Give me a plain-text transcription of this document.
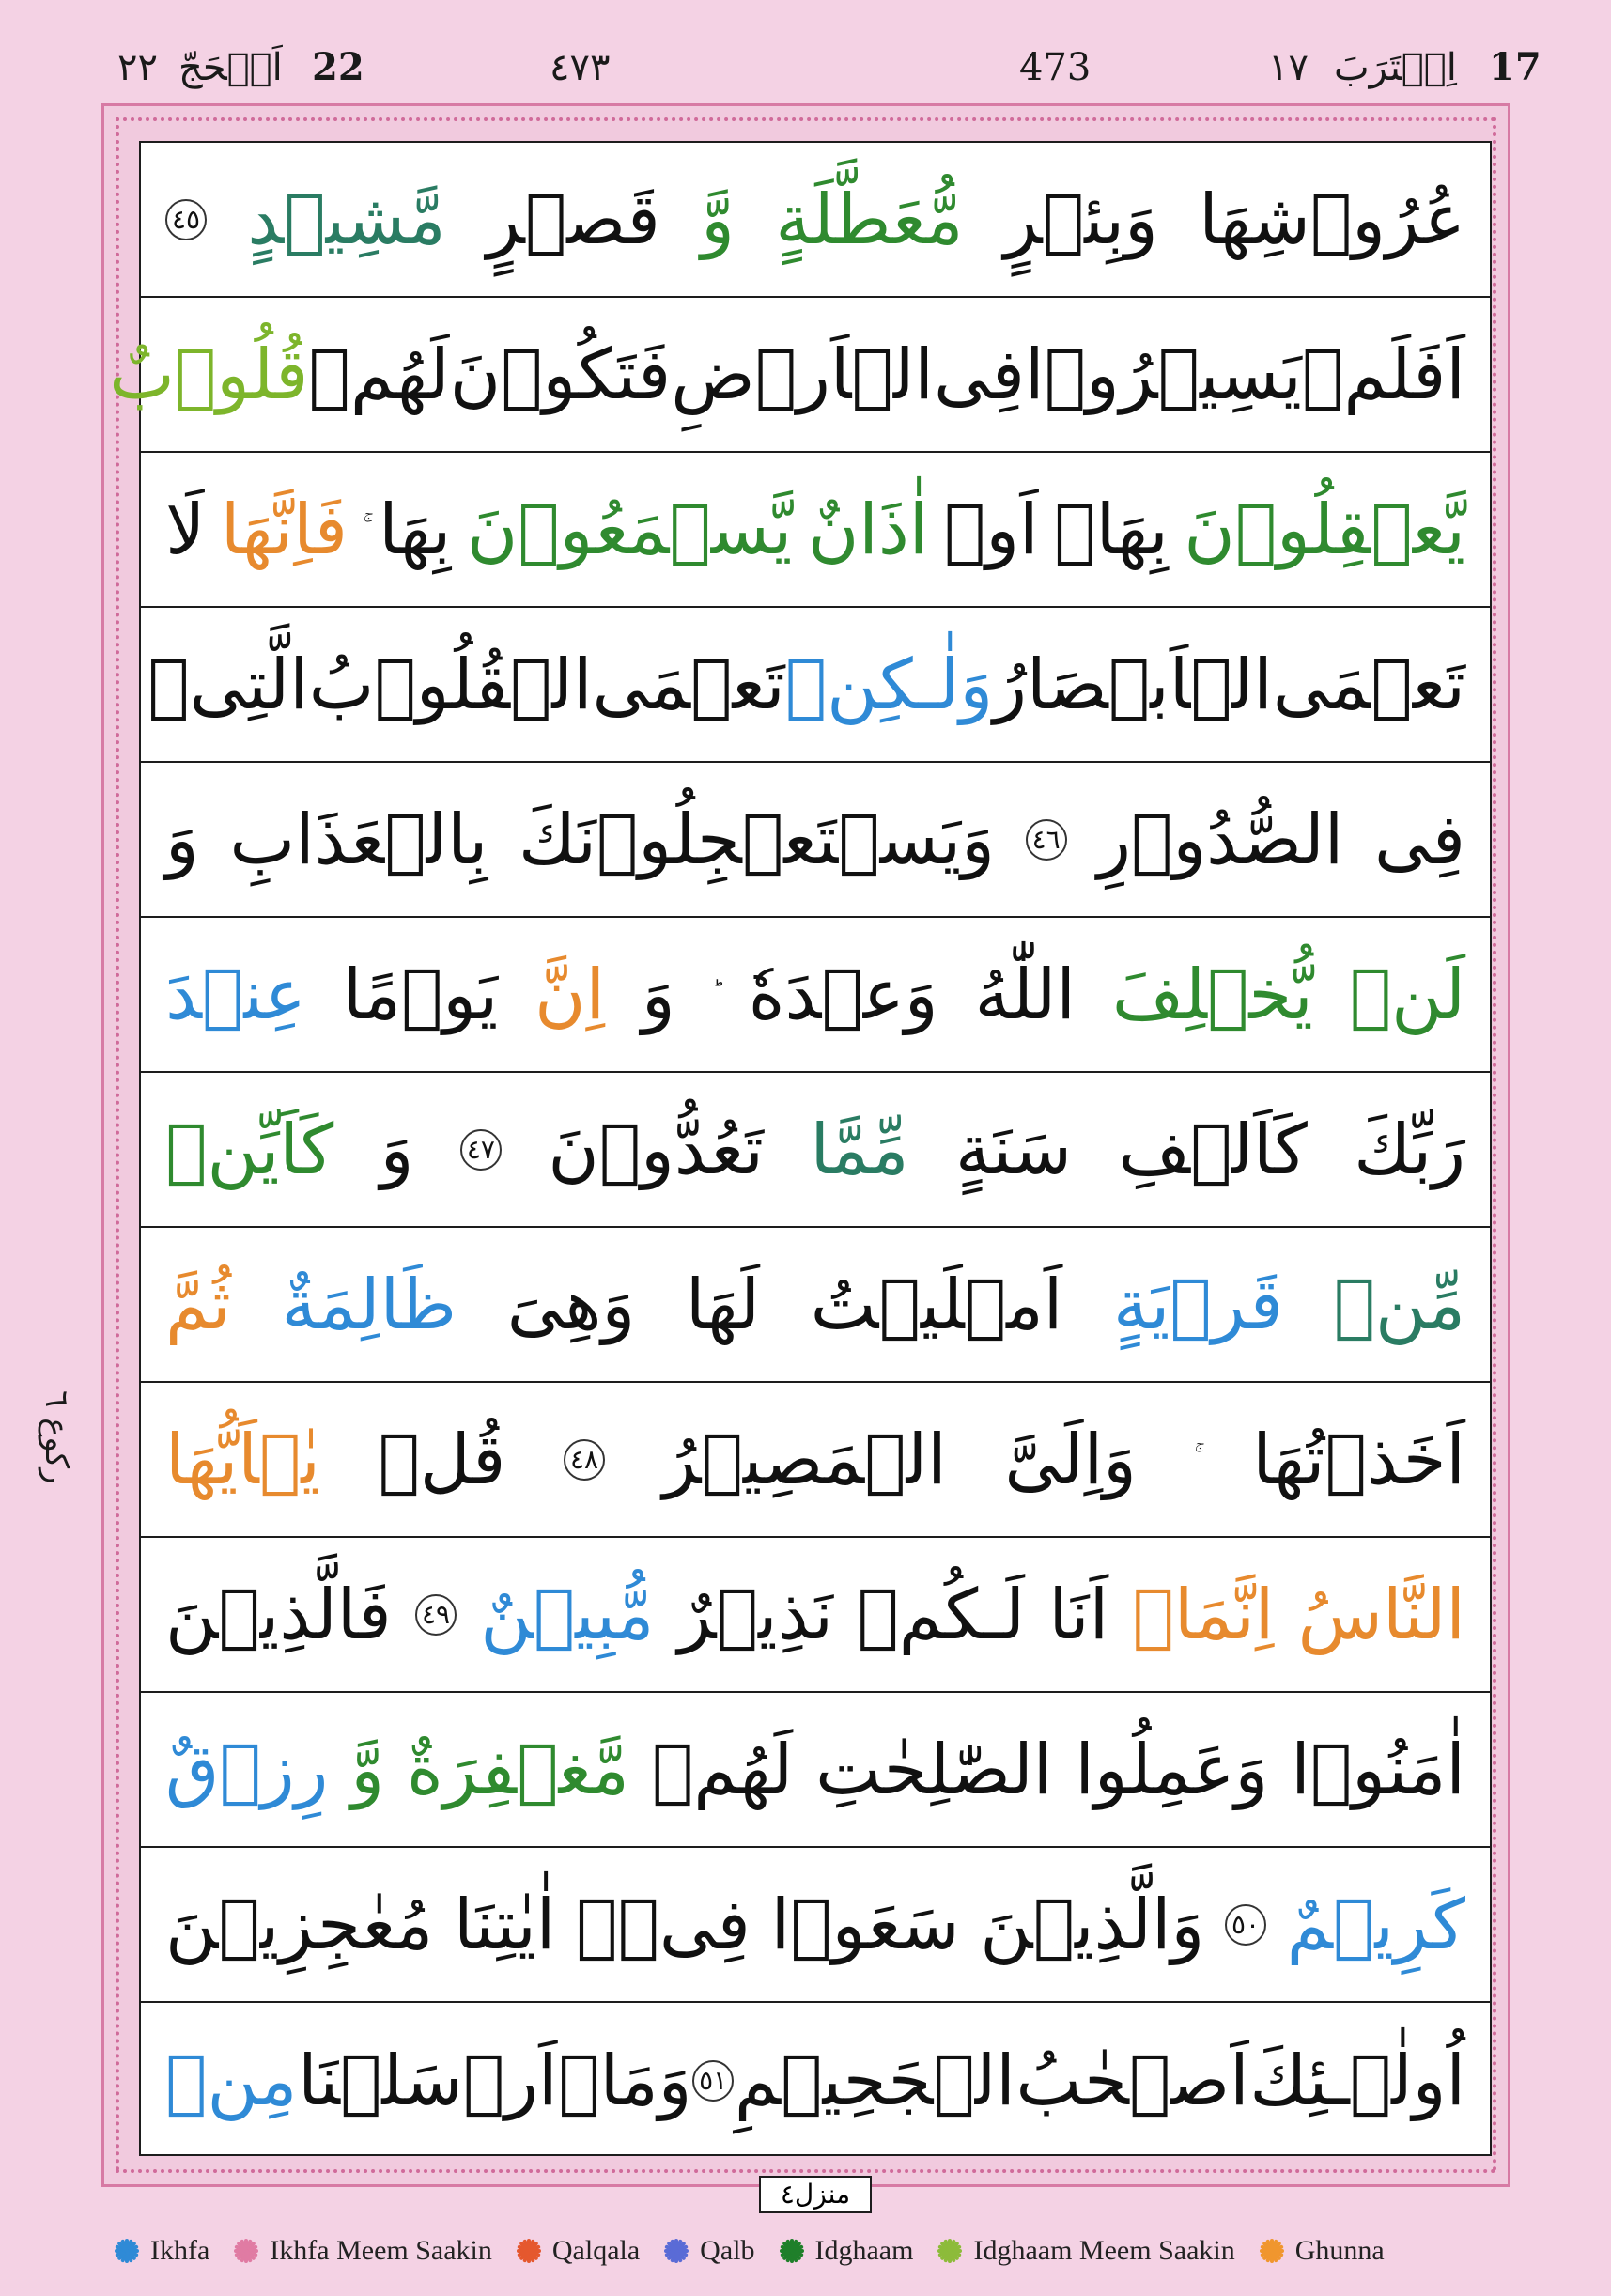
17
اِقۡتَرَبَ
١٧
473
٤٧٣
22
اَلۡحَجّ
٢٢
عُرُوۡشِهَا
وَبِئۡرٍ
مُّعَطَّلَةٍ
وَّ
قَصۡرٍ
مَّشِيۡدٍ
٤٥
اَفَلَمۡ
يَسِيۡرُوۡا
فِى
الۡاَرۡضِ
فَتَكُوۡنَ
لَهُمۡ
قُلُوۡبٌ
يَّعۡقِلُوۡنَ
بِهَاۤ
اَوۡ
اٰذَانٌ
يَّسۡمَعُوۡنَ
بِهَا
فَاِنَّهَا
لَا
تَعۡمَى
الۡاَبۡصَارُ
وَلٰـكِنۡ
تَعۡمَى
الۡقُلُوۡبُ
الَّتِىۡ
فِى
الصُّدُوۡرِ
٤٦
وَيَسۡتَعۡجِلُوۡنَكَ
بِالۡعَذَابِ
وَ
لَنۡ
يُّخۡلِفَ
اللّٰهُ
وَعۡدَهٗ
وَ
اِنَّ
يَوۡمًا
عِنۡدَ
رَبِّكَ
كَاَلۡفِ
سَنَةٍ
مِّمَّا
تَعُدُّوۡنَ
٤٧
وَ
كَاَيِّنۡ
مِّنۡ
قَرۡيَةٍ
اَمۡلَيۡتُ
لَهَا
وَهِىَ
ظَالِمَةٌ
ثُمَّ
اَخَذۡتُهَا
وَاِلَىَّ
الۡمَصِيۡرُ
٤٨
قُلۡ
يٰۤاَيُّهَا
النَّاسُ
اِنَّمَاۤ
اَنَا
لَـكُمۡ
نَذِيۡرٌ
مُّبِيۡنٌ
٤٩
فَالَّذِيۡنَ
اٰمَنُوۡا
وَعَمِلُوا
الصّٰلِحٰتِ
لَهُمۡ
مَّغۡفِرَةٌ
وَّ
رِزۡقٌ
كَرِيۡمٌ
٥٠
وَالَّذِيۡنَ
سَعَوۡا
فِىۡۤ
اٰيٰتِنَا
مُعٰجِزِيۡنَ
اُولٰۤـئِكَ
اَصۡحٰبُ
الۡجَحِيۡمِ
٥١
وَمَاۤ
اَرۡسَلۡنَا
مِنۡ
ركوع ٦
منزل٤
Ikhfa Ikhfa Meem Saakin Qalqala Qalb Idghaam Idghaam Meem Saakin Ghunna
